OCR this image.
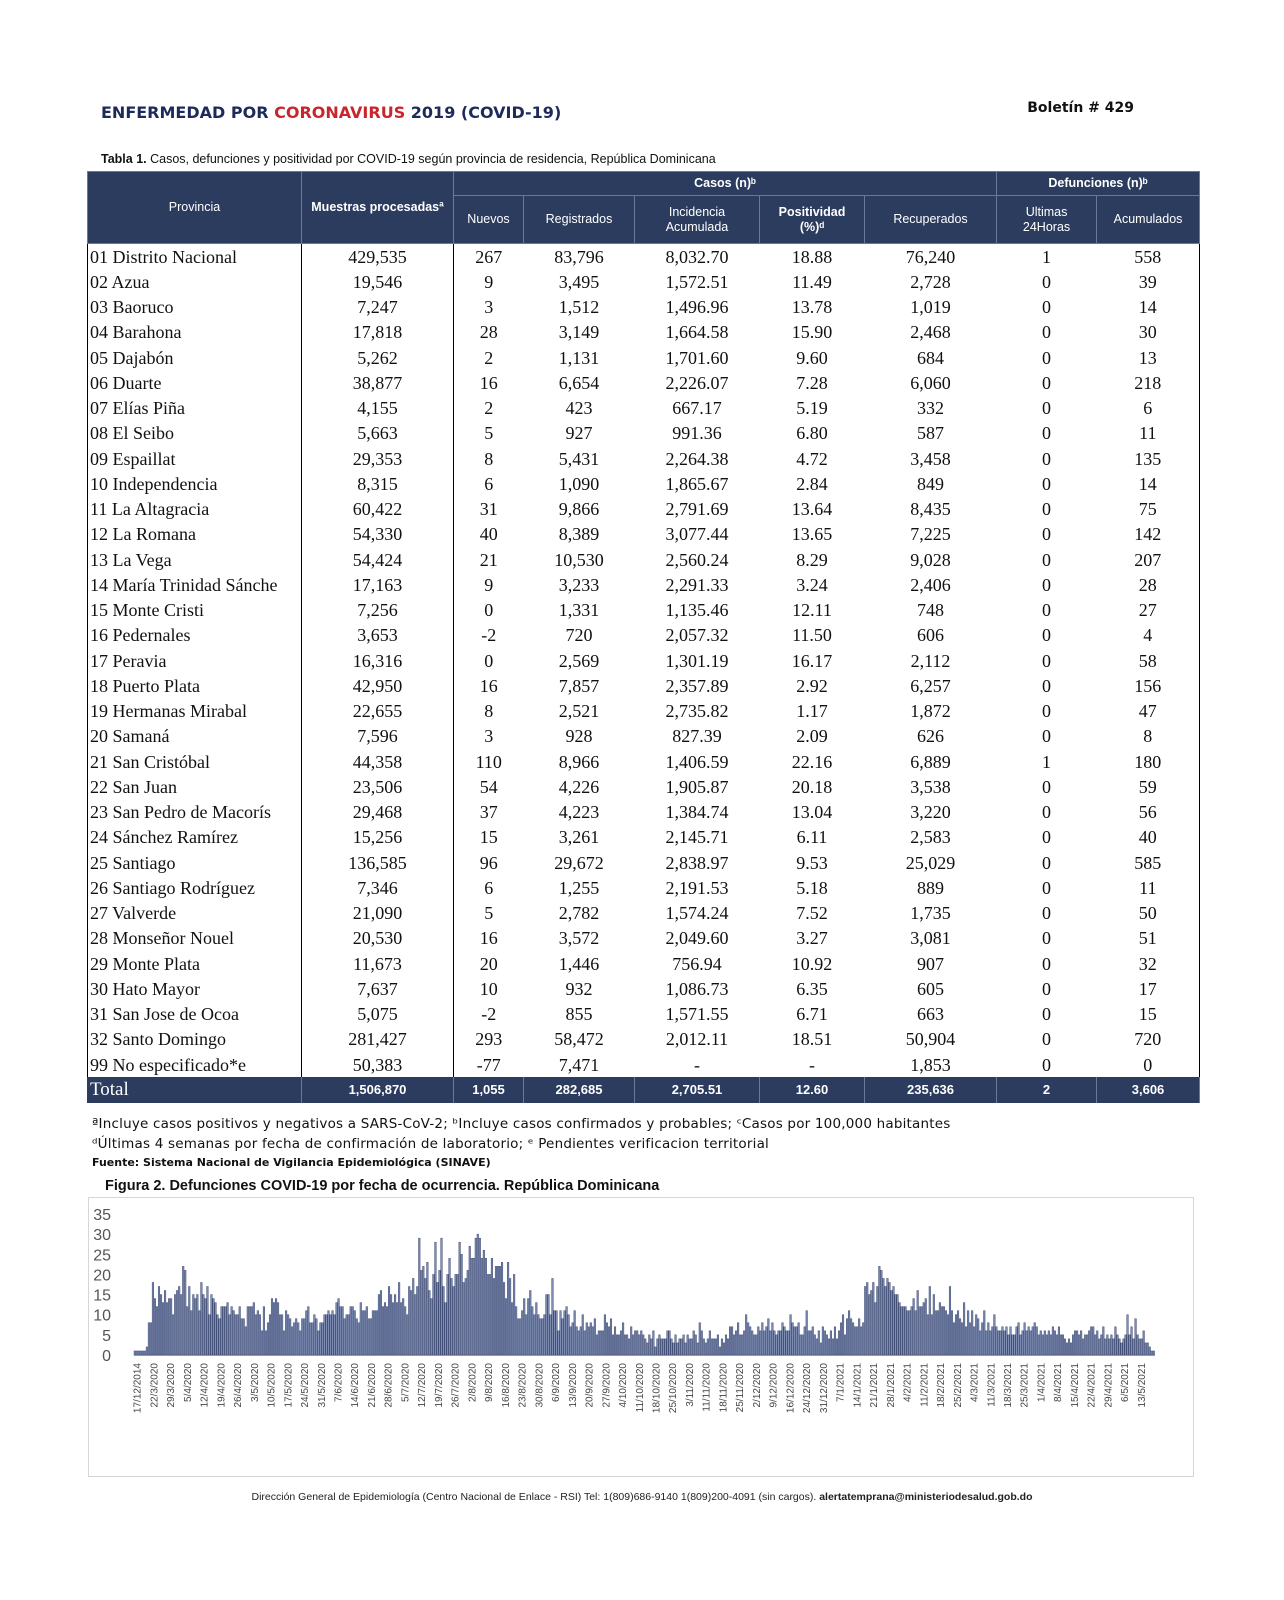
ENFERMEDAD POR CORONAVIRUS 2019 (COVID-19)	Boletín # 429
Tabla 1. Casos, defunciones y positividad por COVID-19 según provincia de residencia, República Dominicana
Provincia	Muestras procesadasª	Casos (n)ᵇ					Defunciones (n)ᵇ	
		Nuevos	Registrados	Incidencia
Acumulada	Positividad
(%)ᵈ	Recuperados	Ultimas
24Horas	Acumulados
01 Distrito Nacional	429,535	267	83,796	8,032.70	18.88	76,240	1	558
02 Azua	19,546	9	3,495	1,572.51	11.49	2,728	0	39
03 Baoruco	7,247	3	1,512	1,496.96	13.78	1,019	0	14
04 Barahona	17,818	28	3,149	1,664.58	15.90	2,468	0	30
05 Dajabón	5,262	2	1,131	1,701.60	9.60	684	0	13
06 Duarte	38,877	16	6,654	2,226.07	7.28	6,060	0	218
07 Elías Piña	4,155	2	423	667.17	5.19	332	0	6
08 El Seibo	5,663	5	927	991.36	6.80	587	0	11
09 Espaillat	29,353	8	5,431	2,264.38	4.72	3,458	0	135
10 Independencia	8,315	6	1,090	1,865.67	2.84	849	0	14
11 La Altagracia	60,422	31	9,866	2,791.69	13.64	8,435	0	75
12 La Romana	54,330	40	8,389	3,077.44	13.65	7,225	0	142
13 La Vega	54,424	21	10,530	2,560.24	8.29	9,028	0	207
14 María Trinidad Sánche	17,163	9	3,233	2,291.33	3.24	2,406	0	28
15 Monte Cristi	7,256	0	1,331	1,135.46	12.11	748	0	27
16 Pedernales	3,653	-2	720	2,057.32	11.50	606	0	4
17 Peravia	16,316	0	2,569	1,301.19	16.17	2,112	0	58
18 Puerto Plata	42,950	16	7,857	2,357.89	2.92	6,257	0	156
19 Hermanas Mirabal	22,655	8	2,521	2,735.82	1.17	1,872	0	47
20 Samaná	7,596	3	928	827.39	2.09	626	0	8
21 San Cristóbal	44,358	110	8,966	1,406.59	22.16	6,889	1	180
22 San Juan	23,506	54	4,226	1,905.87	20.18	3,538	0	59
23 San Pedro de Macorís	29,468	37	4,223	1,384.74	13.04	3,220	0	56
24 Sánchez Ramírez	15,256	15	3,261	2,145.71	6.11	2,583	0	40
25 Santiago	136,585	96	29,672	2,838.97	9.53	25,029	0	585
26 Santiago Rodríguez	7,346	6	1,255	2,191.53	5.18	889	0	11
27 Valverde	21,090	5	2,782	1,574.24	7.52	1,735	0	50
28 Monseñor Nouel	20,530	16	3,572	2,049.60	3.27	3,081	0	51
29 Monte Plata	11,673	20	1,446	756.94	10.92	907	0	32
30 Hato Mayor	7,637	10	932	1,086.73	6.35	605	0	17
31 San Jose de Ocoa	5,075	-2	855	1,571.55	6.71	663	0	15
32 Santo Domingo	281,427	293	58,472	2,012.11	18.51	50,904	0	720
99 No especificado*e	50,383	-77	7,471	-	-	1,853	0	0
Total	1,506,870	1,055	282,685	2,705.51	12.60	235,636	2	3,606
ªIncluye casos positivos y negativos a SARS-CoV-2; ᵇIncluye casos confirmados y probables; ᶜCasos por 100,000 habitantes
ᵈÚltimas 4 semanas por fecha de confirmación de laboratorio; ᵉ Pendientes verificacion territorial
Fuente: Sistema Nacional de Vigilancia Epidemiológica (SINAVE)
Figura 2. Defunciones COVID-19 por fecha de ocurrencia. República Dominicana
0
5
10
15
20
25
30
35
17/12/2014 22/3/2020 29/3/2020 5/4/2020 12/4/2020 19/4/2020 26/4/2020 3/5/2020 10/5/2020 17/5/2020 24/5/2020 31/5/2020 7/6/2020 14/6/2020 21/6/2020 28/6/2020 5/7/2020 12/7/2020 19/7/2020 26/7/2020 2/8/2020 9/8/2020 16/8/2020 23/8/2020 30/8/2020 6/9/2020 13/9/2020 20/9/2020 27/9/2020 4/10/2020 11/10/2020 18/10/2020 25/10/2020 3/11/2020 11/11/2020 18/11/2020 25/11/2020 2/12/2020 9/12/2020 16/12/2020 24/12/2020 31/12/2020 7/1/2021 14/1/2021 21/1/2021 28/1/2021 4/2/2021 11/2/2021 18/2/2021 25/2/2021 4/3/2021 11/3/2021 18/3/2021 25/3/2021 1/4/2021 8/4/2021 15/4/2021 22/4/2021 29/4/2021 6/5/2021 13/5/2021
Dirección General de Epidemiología (Centro Nacional de Enlace - RSI) Tel: 1(809)686-9140 1(809)200-4091 (sin cargos). alertatemprana@ministeriodesalud.gob.do
